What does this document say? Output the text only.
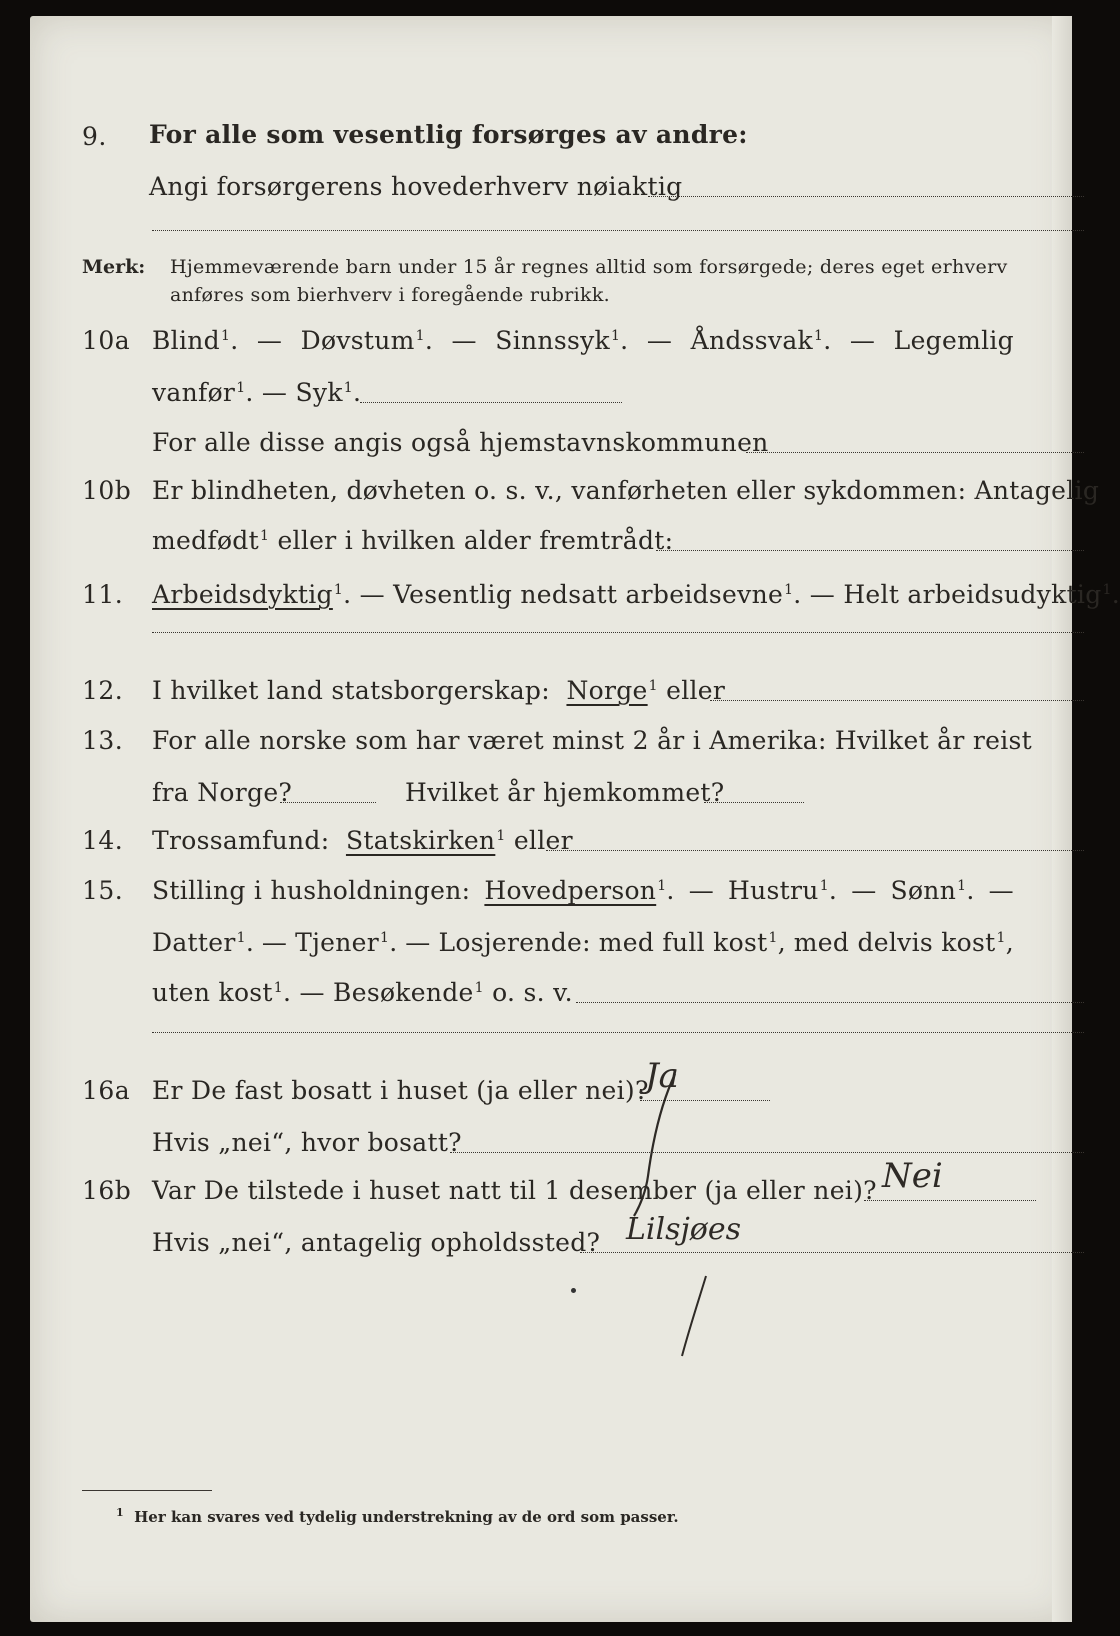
9. For alle som vesentlig forsørges av andre:
Angi forsørgerens hovederhverv nøiaktig
Merk: Hjemmeværende barn under 15 år regnes alltid som forsørgede; deres eget erhverv
anføres som bierhverv i foregående rubrikk.
10a Blind$^1$. — Døvstum$^1$. — Sinnssyk$^1$. — Åndssvak$^1$. — Legemlig
vanfør$^1$. — Syk$^1$.
For alle disse angis også hjemstavnskommunen
10b Er blindheten, døvheten o. s. v., vanførheten eller sykdommen: Antagelig
medfødt$^1$ eller i hvilken alder fremtrådt:
11. Arbeidsdyktig$^1$. — Vesentlig nedsatt arbeidsevne$^1$. — Helt arbeidsudyktig$^1$.
12. I hvilket land statsborgerskap: Norge$^1$ eller
13. For alle norske som har været minst 2 år i Amerika: Hvilket år reist
fra Norge?	Hvilket år hjemkommet?
14. Trossamfund: Statskirken$^1$ eller
15. Stilling i husholdningen: Hovedperson$^1$. — Hustru$^1$. — Sønn$^1$. —
Datter$^1$. — Tjener$^1$. — Losjerende: med full kost$^1$, med delvis kost$^1$,
uten kost$^1$. — Besøkende$^1$ o. s. v.
16a Er De fast bosatt i huset (ja eller nei)?
Ja
Hvis „nei“, hvor bosatt?
16b Var De tilstede i huset natt til 1 desember (ja eller nei)? Nei
Hvis „nei“, antagelig opholdssted? Lilsjøes
$^1$ Her kan svares ved tydelig understrekning av de ord som passer.
